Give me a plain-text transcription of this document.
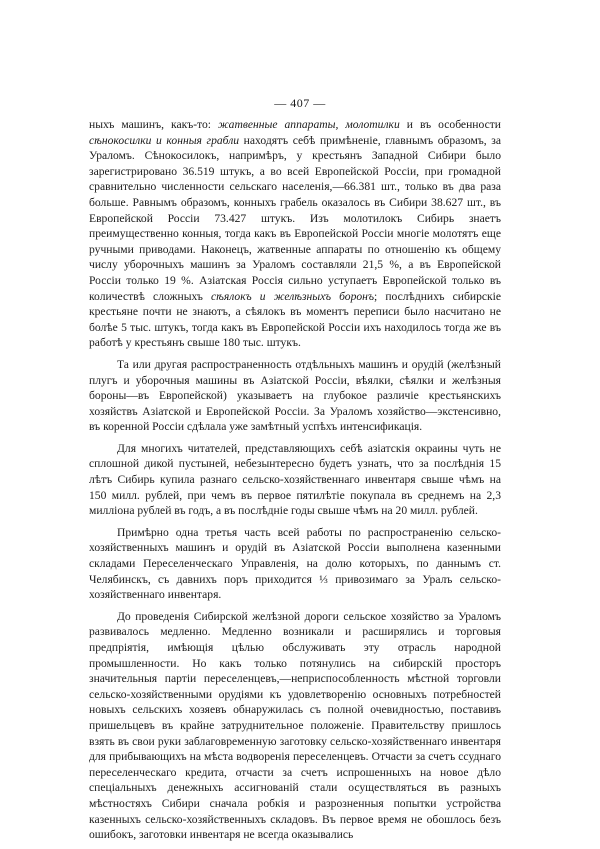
— 407 —

ныхъ машинъ, какъ-то: жатвенные аппараты, молотилки и въ особенности сѣнокосилки и конныя грабли находятъ себѣ примѣненіе, главнымъ образомъ, за Ураломъ. Сѣнокосилокъ, напримѣръ, у крестьянъ Западной Сибири было зарегистрировано 36.519 штукъ, а во всей Европейской Россіи, при громадной сравнительно численности сельскаго населенія,—66.381 шт., только въ два раза больше. Равнымъ образомъ, конныхъ грабель оказалось въ Сибири 38.627 шт., въ Европейской Россіи 73.427 штукъ. Изъ молотилокъ Сибирь знаетъ преимущественно конныя, тогда какъ въ Европейской Россіи многіе молотятъ еще ручными приводами. Наконецъ, жатвенные аппараты по отношенію къ общему числу уборочныхъ машинъ за Ураломъ составляли 21,5 %, а въ Европейской Россіи только 19 %. Азіатская Россія сильно уступаетъ Европейской только въ количествѣ сложныхъ сѣялокъ и желѣзныхъ боронъ; послѣднихъ сибирскіе крестьяне почти не знаютъ, а сѣялокъ въ моментъ переписи было насчитано не болѣе 5 тыс. штукъ, тогда какъ въ Европейской Россіи ихъ находилось тогда же въ работѣ у крестьянъ свыше 180 тыс. штукъ.

Та или другая распространенность отдѣльныхъ машинъ и орудій (желѣзный плугъ и уборочныя машины въ Азіатской Россіи, вѣялки, сѣялки и желѣзныя бороны—въ Европейской) указываетъ на глубокое различіе крестьянскихъ хозяйствъ Азіатской и Европейской Россіи. За Ураломъ хозяйство—экстенсивно, въ коренной Россіи сдѣлала уже замѣтный успѣхъ интенсификація.

Для многихъ читателей, представляющихъ себѣ азіатскія окраины чуть не сплошной дикой пустыней, небезынтересно будетъ узнать, что за послѣднія 15 лѣтъ Сибирь купила разнаго сельско-хозяйственнаго инвентаря свыше чѣмъ на 150 милл. рублей, при чемъ въ первое пятилѣтіе покупала въ среднемъ на 2,3 милліона рублей въ годъ, а въ послѣдніе годы свыше чѣмъ на 20 милл. рублей.

Примѣрно одна третья часть всей работы по распространенію сельско-хозяйственныхъ машинъ и орудій въ Азіатской Россіи выполнена казенными складами Переселенческаго Управленія, на долю которыхъ, по даннымъ ст. Челябинскъ, съ давнихъ поръ приходится ⅓ привозимаго за Уралъ сельско-хозяйственнаго инвентаря.

До проведенія Сибирской желѣзной дороги сельское хозяйство за Ураломъ развивалось медленно. Медленно возникали и расширялись и торговыя предпріятія, имѣющія цѣлью обслуживать эту отрасль народной промышленности. Но какъ только потянулись на сибирскій просторъ значительныя партіи переселенцевъ,—неприспособленность мѣстной торговли сельско-хозяйственными орудіями къ удовлетворенію основныхъ потребностей новыхъ сельскихъ хозяевъ обнаружилась съ полной очевидностью, поставивъ пришельцевъ въ крайне затруднительное положеніе. Правительству пришлось взять въ свои руки заблаговременную заготовку сельско-хозяйственнаго инвентаря для прибывающихъ на мѣста водворенія переселенцевъ. Отчасти за счетъ ссуднаго переселенческаго кредита, отчасти за счетъ испрошенныхъ на новое дѣло спеціальныхъ денежныхъ ассигнованій стали осуществляться въ разныхъ мѣстностяхъ Сибири сначала робкія и разрозненныя попытки устройства казенныхъ сельско-хозяйственныхъ складовъ. Въ первое время не обошлось безъ ошибокъ, заготовки инвентаря не всегда оказывались
